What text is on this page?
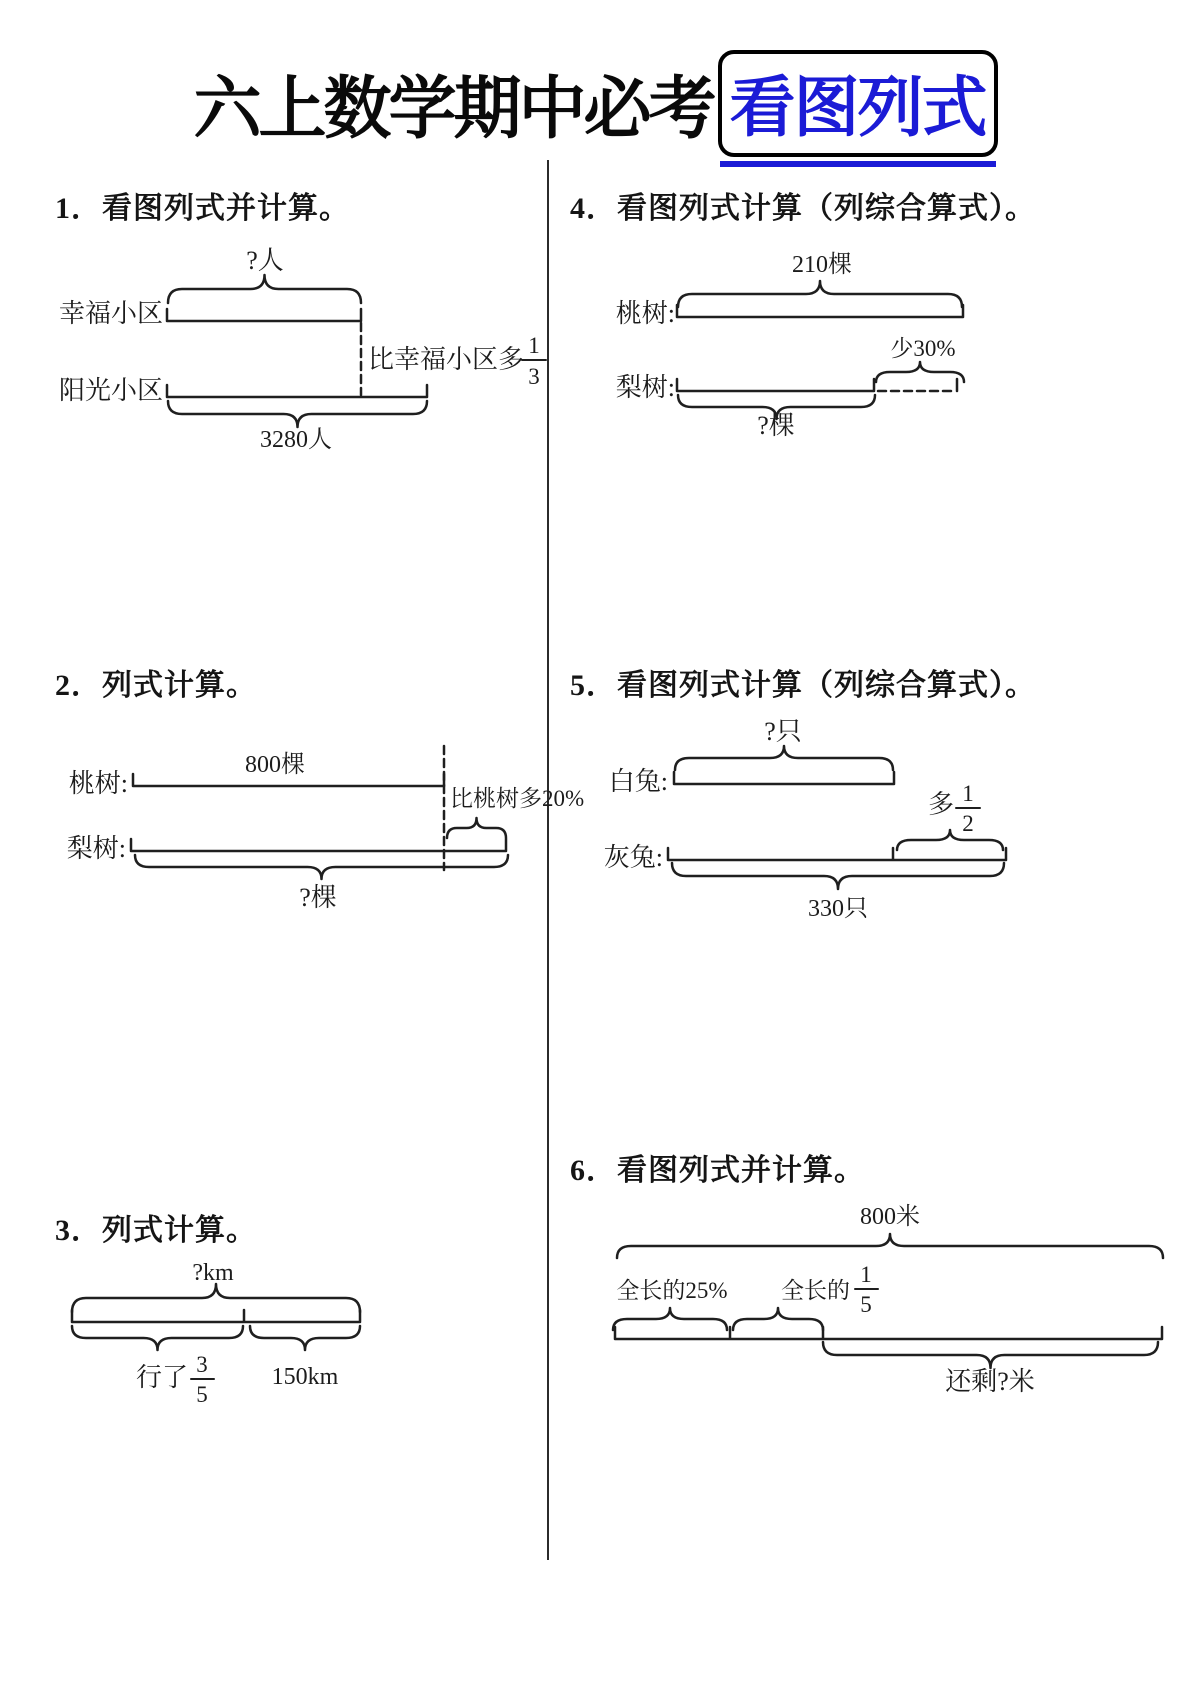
六上数学期中必考 看图列式
1．看图列式并计算。
?人
幸福小区
比幸福小区多 1
3
阳光小区
3280人
4．看图列式计算（列综合算式）。
210棵
桃树:
少30%
梨树:
?棵
2．列式计算。
800棵
桃树:
比桃树多20%
梨树:
?棵
5．看图列式计算（列综合算式）。
?只
白兔:
多 1
2
灰兔:
330只
3．列式计算。
?km
行了 3
5
150km
6．看图列式并计算。
800米
全长的25% 全长的
1
5
还剩?米
